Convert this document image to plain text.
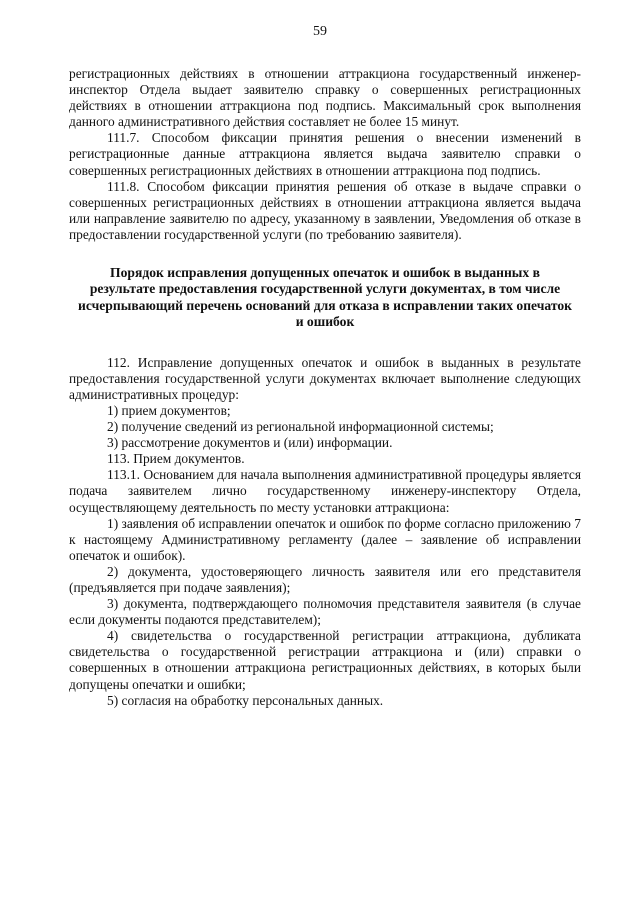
59

регистрационных действиях в отношении аттракциона государственный инженер-инспектор Отдела выдает заявителю справку о совершенных регистрационных действиях в отношении аттракциона под подпись. Максимальный срок выполнения данного административного действия составляет не более 15 минут.

111.7. Способом фиксации принятия решения о внесении изменений в регистрационные данные аттракциона является выдача заявителю справки о совершенных регистрационных действиях в отношении аттракциона под подпись.

111.8. Способом фиксации принятия решения об отказе в выдаче справки о совершенных регистрационных действиях в отношении аттракциона является выдача или направление заявителю по адресу, указанному в заявлении, Уведомления об отказе в предоставлении государственной услуги (по требованию заявителя).

Порядок исправления допущенных опечаток и ошибок в выданных в результате предоставления государственной услуги документах, в том числе исчерпывающий перечень оснований для отказа в исправлении таких опечаток и ошибок

112. Исправление допущенных опечаток и ошибок в выданных в результате предоставления государственной услуги документах включает выполнение следующих административных процедур:

1) прием документов;

2) получение сведений из региональной информационной системы;

3) рассмотрение документов и (или) информации.

113. Прием документов.

113.1. Основанием для начала выполнения административной процедуры является подача заявителем лично государственному инженеру-инспектору Отдела, осуществляющему деятельность по месту установки аттракциона:

1) заявления об исправлении опечаток и ошибок по форме согласно приложению 7 к настоящему Административному регламенту (далее – заявление об исправлении опечаток и ошибок).

2) документа, удостоверяющего личность заявителя или его представителя (предъявляется при подаче заявления);

3) документа, подтверждающего полномочия представителя заявителя (в случае если документы подаются представителем);

4) свидетельства о государственной регистрации аттракциона, дубликата свидетельства о государственной регистрации аттракциона и (или) справки о совершенных в отношении аттракциона регистрационных действиях, в которых были допущены опечатки и ошибки;

5) согласия на обработку персональных данных.
